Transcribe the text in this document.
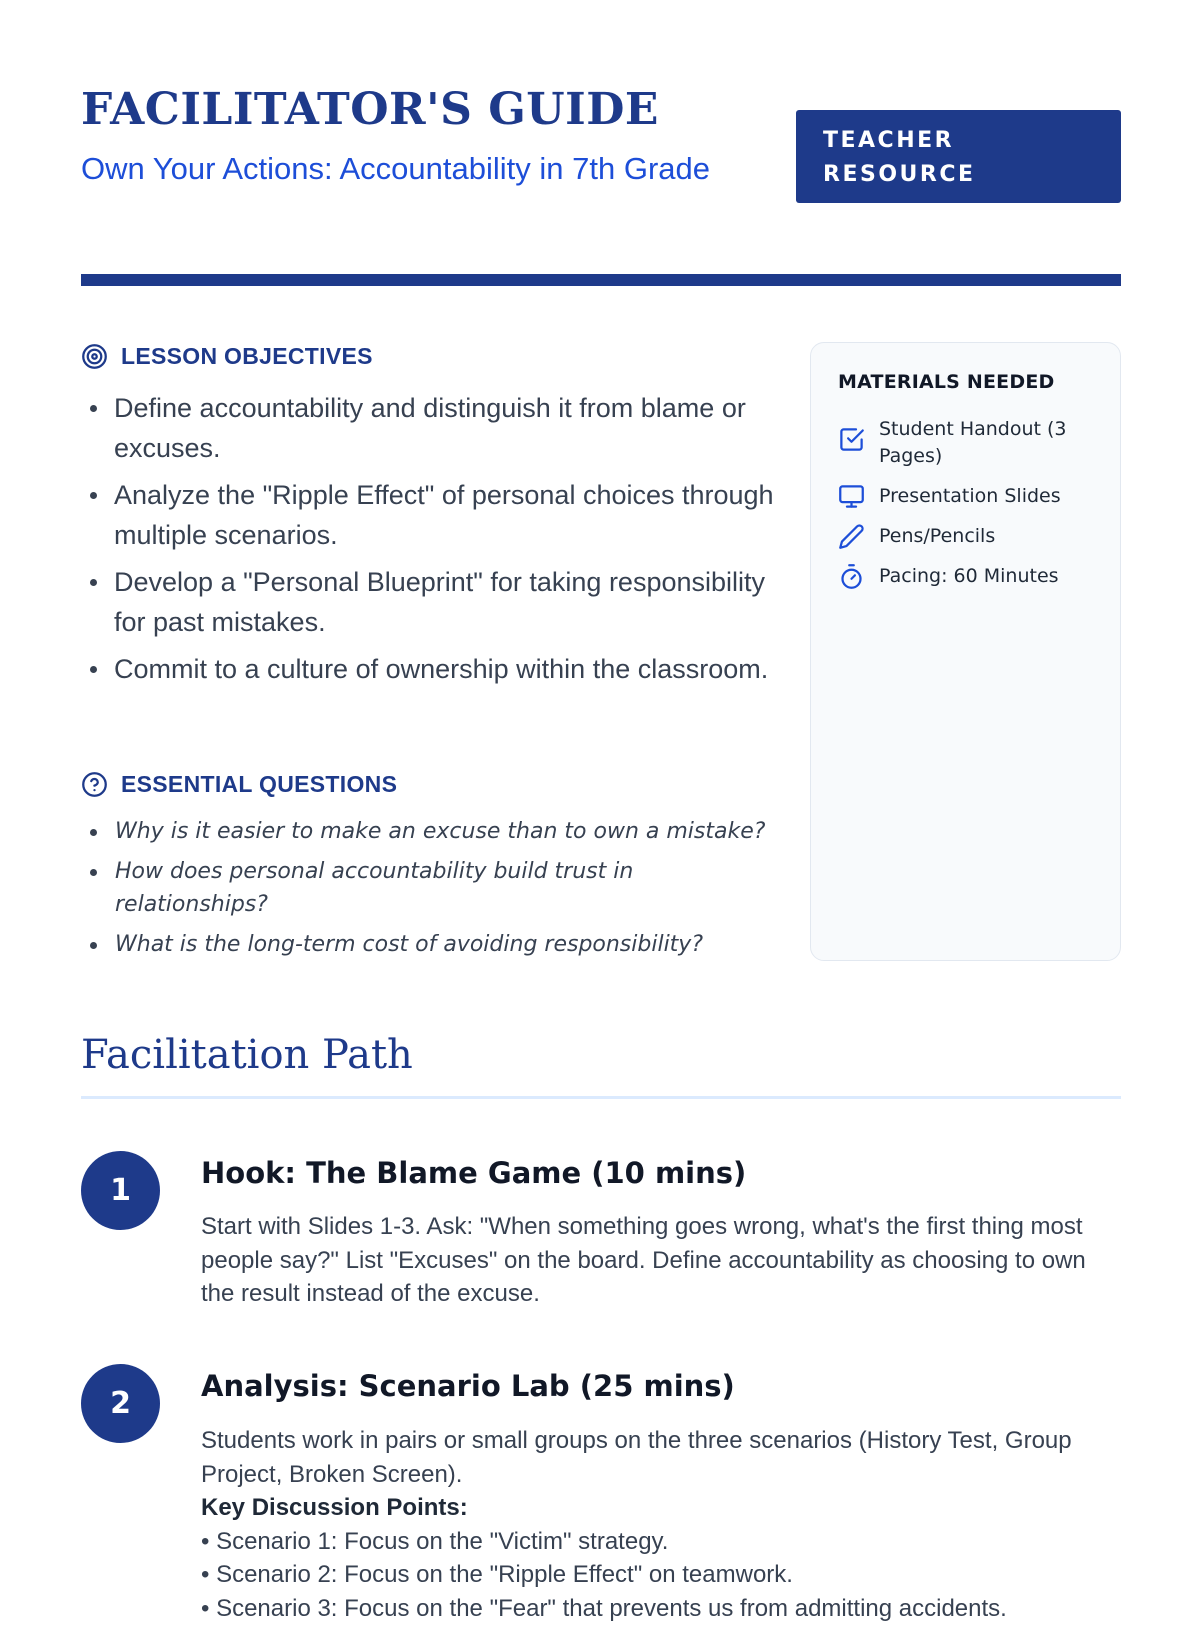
FACILITATOR'S GUIDE
Own Your Actions: Accountability in 7th Grade
TEACHER RESOURCE
LESSON OBJECTIVES
Define accountability and distinguish it from blame or excuses.
Analyze the "Ripple Effect" of personal choices through multiple scenarios.
Develop a "Personal Blueprint" for taking responsibility for past mistakes.
Commit to a culture of ownership within the classroom.
ESSENTIAL QUESTIONS
Why is it easier to make an excuse than to own a mistake?
How does personal accountability build trust in relationships?
What is the long-term cost of avoiding responsibility?
MATERIALS NEEDED
Student Handout (3 Pages)
Presentation Slides
Pens/Pencils
Pacing: 60 Minutes
Facilitation Path
1	Hook: The Blame Game (10 mins)
Start with Slides 1-3. Ask: "When something goes wrong, what's the first thing most people say?" List "Excuses" on the board. Define accountability as choosing to own the result instead of the excuse.
2	Analysis: Scenario Lab (25 mins)
Students work in pairs or small groups on the three scenarios (History Test, Group Project, Broken Screen).
Key Discussion Points:
• Scenario 1: Focus on the "Victim" strategy.
• Scenario 2: Focus on the "Ripple Effect" on teamwork.
• Scenario 3: Focus on the "Fear" that prevents us from admitting accidents.
